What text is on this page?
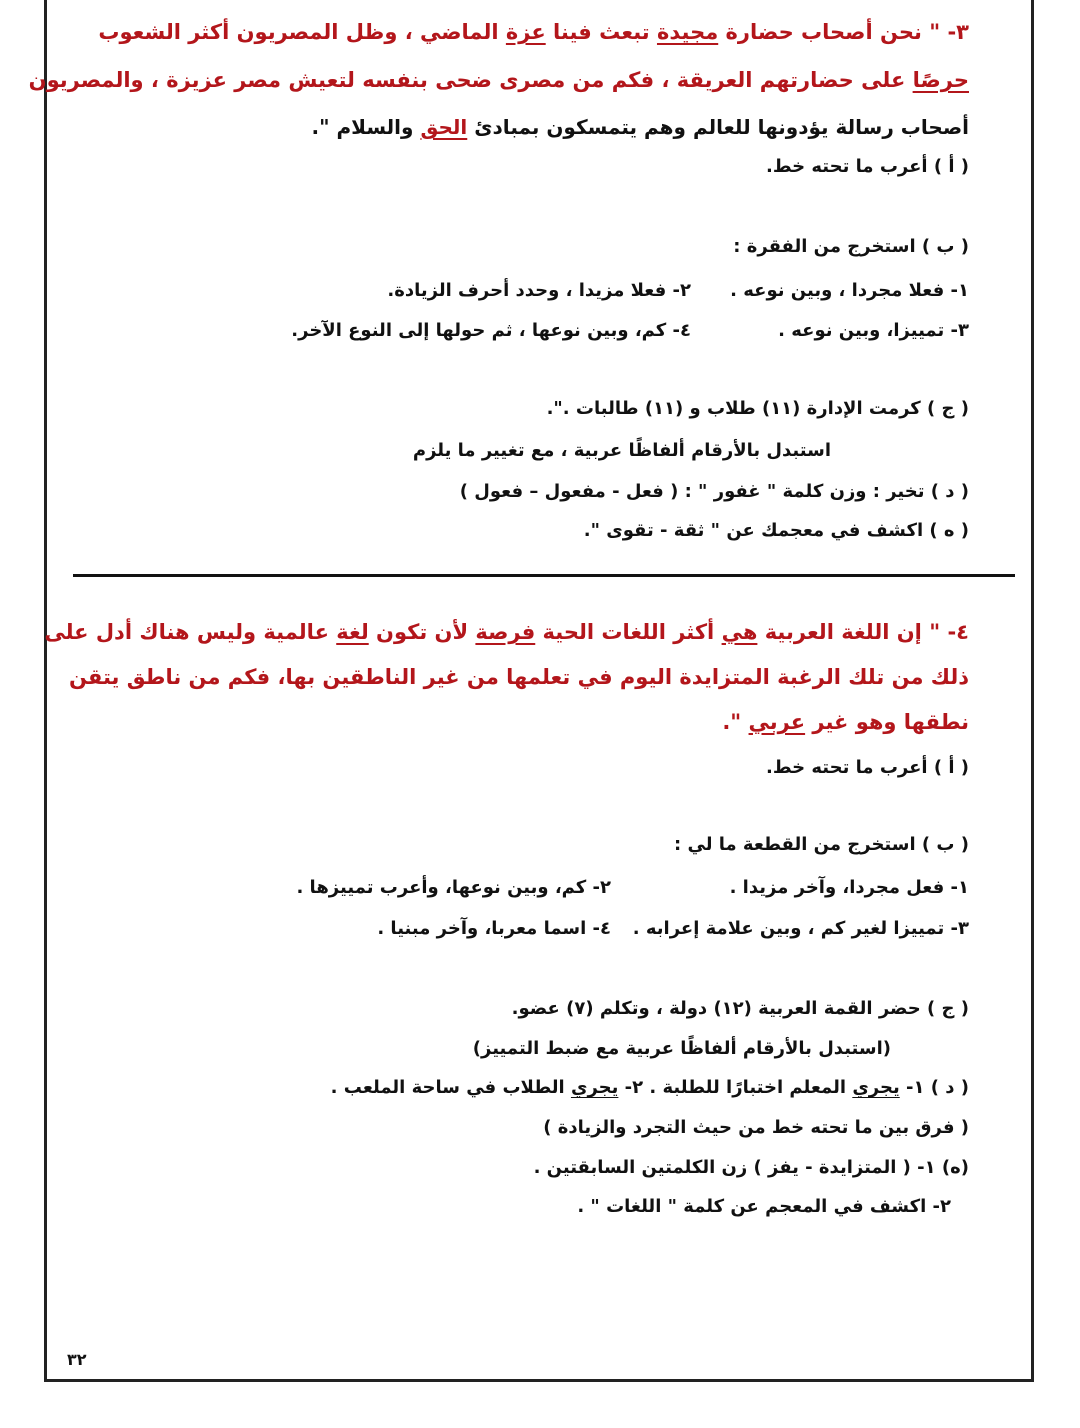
٣- " نحن أصحاب حضارة مجيدة تبعث فينا عزة الماضي ، وظل المصريون أكثر الشعوب
حرصًا على حضارتهم العريقة ، فكم من مصرى ضحى بنفسه لتعيش مصر عزيزة ، والمصريون
أصحاب رسالة يؤدونها للعالم وهم يتمسكون بمبادئ الحق والسلام ".
( أ ) أعرب ما تحته خط.
( ب ) استخرج من الفقرة :
١- فعلا مجردا ، وبين نوعه .
٢- فعلا مزيدا ، وحدد أحرف الزيادة.
٣- تمييزا، وبين نوعه .
٤- كم، وبين نوعها ، ثم حولها إلى النوع الآخر.
( ج ) كرمت الإدارة (١١) طلاب و (١١) طالبات .".
استبدل بالأرقام ألفاظًا عربية ، مع تغيير ما يلزم
( د ) تخير : وزن كلمة " غفور " : ( فعل - مفعول – فعول )
( ه ) اكشف في معجمك عن " ثقة - تقوى ".
٤- " إن اللغة العربية هي أكثر اللغات الحية فرصة لأن تكون لغة عالمية وليس هناك أدل على
ذلك من تلك الرغبة المتزايدة اليوم في تعلمها من غير الناطقين بها، فكم من ناطق يتقن
نطقها وهو غير عربي ".
( أ ) أعرب ما تحته خط.
( ب ) استخرج من القطعة ما لي :
١- فعل مجردا، وآخر مزيدا .
٢- كم، وبين نوعها، وأعرب تمييزها .
٣- تمييزا لغير كم ، وبين علامة إعرابه .
٤- اسما معربا، وآخر مبنيا .
( ج ) حضر القمة العربية (١٢) دولة ، وتكلم (٧) عضو.
(استبدل بالأرقام ألفاظًا عربية مع ضبط التمييز)
( د ) ١- يجري المعلم اختبارًا للطلبة . ٢- يجري الطلاب في ساحة الملعب .
( فرق بين ما تحته خط من حيث التجرد والزيادة )
(ه) ١- ( المتزايدة - يفز ) زن الكلمتين السابقتين .
٢- اكشف في المعجم عن كلمة " اللغات " .
٣٢
